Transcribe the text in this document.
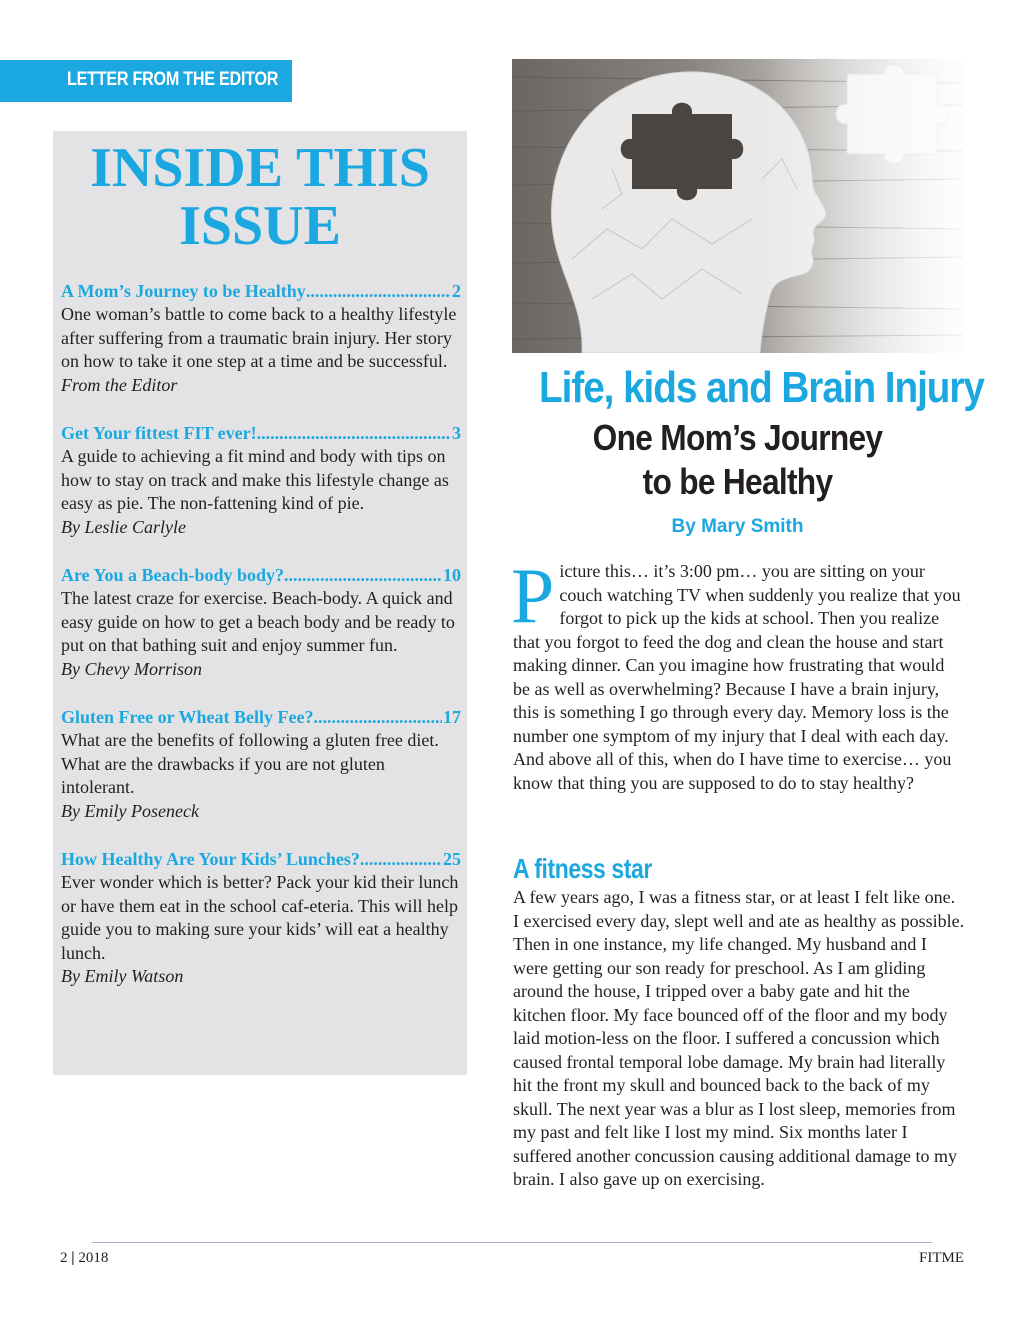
LETTER FROM THE EDITOR
INSIDE THIS
ISSUE
A Mom’s Journey to be Healthy .....	2

One woman’s battle to come back to a healthy lifestyle after suffering from a traumatic brain injury. Her story on how to take it one step at a time and be successful.

From the Editor

Get Your fittest FIT ever! .....	3

A guide to achieving a fit mind and body with tips on how to stay on track and make this lifestyle change as easy as pie. The non-fattening kind of pie.

By Leslie Carlyle

Are You a Beach-body body? .....	10

The latest craze for exercise. Beach-body. A quick and easy guide on how to get a beach body and be ready to put on that bathing suit and enjoy summer fun.

By Chevy Morrison

Gluten Free or Wheat Belly Fee? .....	17

What are the benefits of following a gluten free diet. What are the drawbacks if you are not gluten intolerant.

By Emily Poseneck

How Healthy Are Your Kids’ Lunches? .....	25

Ever wonder which is better? Pack your kid their lunch or have them eat in the school caf-eteria. This will help guide you to making sure your kids’ will eat a healthy lunch.

By Emily Watson

Life, kids and Brain Injury
One Mom’s Journey
to be Healthy

By Mary Smith

Picture this… it’s 3:00 pm… you are sitting on your couch watching TV when suddenly you realize that you forgot to pick up the kids at school. Then you realize that you forgot to feed the dog and clean the house and start making dinner. Can you imagine how frustrating that would be as well as overwhelming? Because I have a brain injury, this is something I go through every day. Memory loss is the number one symptom of my injury that I deal with each day. And above all of this, when do I have time to exercise… you know that thing you are supposed to do to stay healthy?

A fitness star

A few years ago, I was a fitness star, or at least I felt like one. I exercised every day, slept well and ate as healthy as possible. Then in one instance, my life changed. My husband and I were getting our son ready for preschool. As I am gliding around the house, I tripped over a baby gate and hit the kitchen floor. My face bounced off of the floor and my body laid motion-less on the floor. I suffered a concussion which caused frontal temporal lobe damage. My brain had literally hit the front my skull and bounced back to the back of my skull. The next year was a blur as I lost sleep, memories from my past and felt like I lost my mind. Six months later I suffered another concussion causing additional damage to my brain. I also gave up on exercising.

2 | 2018	FITME
